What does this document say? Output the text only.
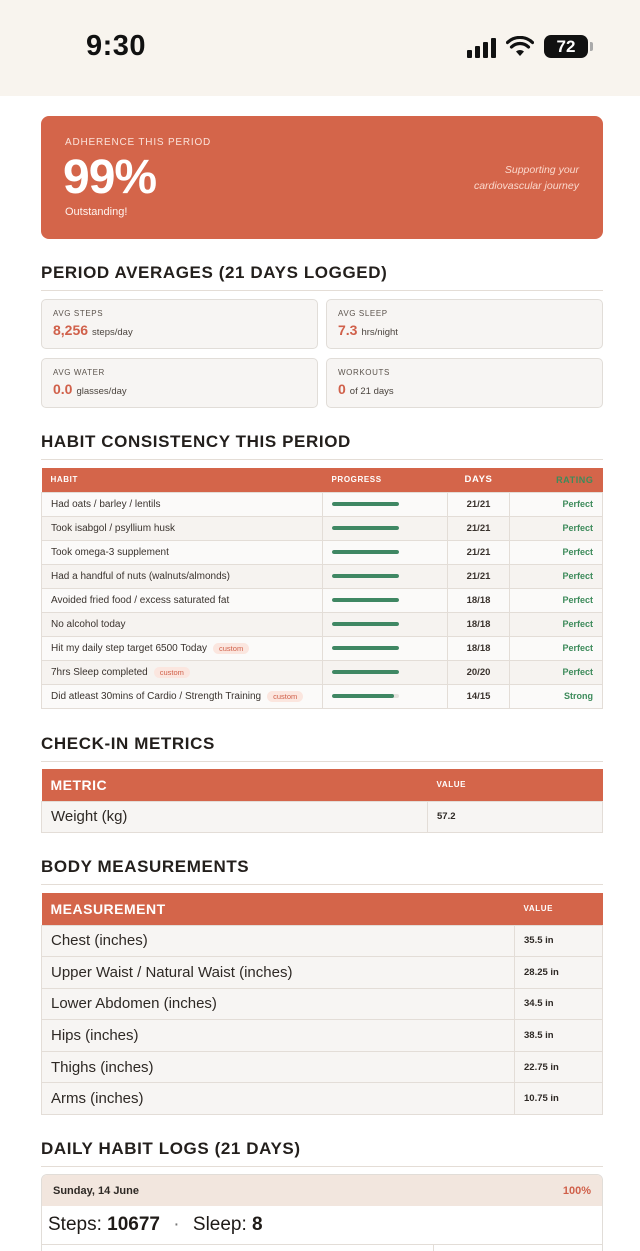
9:30	72
ADHERENCE THIS PERIOD
99%
Outstanding!
Supporting your cardiovascular journey
PERIOD AVERAGES (21 DAYS LOGGED)
AVG STEPS
8,256 steps/day
AVG SLEEP
7.3 hrs/night
AVG WATER
0.0 glasses/day
WORKOUTS
0 of 21 days
HABIT CONSISTENCY THIS PERIOD
HABIT	PROGRESS	DAYS	RATING
Had oats / barley / lentils		21/21	Perfect
Took isabgol / psyllium husk		21/21	Perfect
Took omega-3 supplement		21/21	Perfect
Had a handful of nuts (walnuts/almonds)		21/21	Perfect
Avoided fried food / excess saturated fat		18/18	Perfect
No alcohol today		18/18	Perfect
Hit my daily step target 6500 Today custom		18/18	Perfect
7hrs Sleep completed custom		20/20	Perfect
Did atleast 30mins of Cardio / Strength Training custom		14/15	Strong
CHECK-IN METRICS
METRIC	VALUE
Weight (kg)	57.2
BODY MEASUREMENTS
MEASUREMENT	VALUE
Chest (inches)	35.5 in
Upper Waist / Natural Waist (inches)	28.25 in
Lower Abdomen (inches)	34.5 in
Hips (inches)	38.5 in
Thighs (inches)	22.75 in
Arms (inches)	10.75 in
DAILY HABIT LOGS (21 DAYS)
Sunday, 14 June	100%
Steps: 10677 · Sleep: 8
